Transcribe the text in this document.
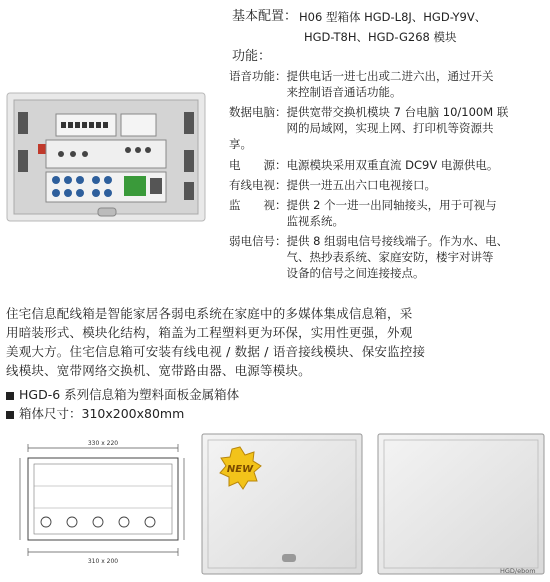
基本配置： H06 型箱体 HGD-L8J、HGD-Y9V、
HGD-T8H、HGD-G268 模块
功能：
语音功能： 提供电话一进七出或二进六出，通过开关
来控制语音通话功能。
数据电脑： 提供宽带交换机模块 7 台电脑 10/100M 联
网的局域网，实现上网、打印机等资源共
享。
电　　源： 电源模块采用双重直流 DC9V 电源供电。
有线电视： 提供一进五出六口电视接口。
监　　视： 提供 2 个一进一出同轴接头，用于可视与
监视系统。
弱电信号： 提供 8 组弱电信号接线端子。作为水、电、
气、热抄表系统、家庭安防，楼宇对讲等
设备的信号之间连接接点。

住宅信息配线箱是智能家居各弱电系统在家庭中的多媒体集成信息箱，采

用暗装形式、模块化结构，箱盖为工程塑料更为环保，实用性更强，外观

美观大方。住宅信息箱可安装有线电视 / 数据 / 语音接线模块、保安监控接

线模块、宽带网络交换机、宽带路由器、电源等模块。

HGD-6 系列信息箱为塑料面板金属箱体
箱体尺寸：310x200x80mm
330 x 220
310 x 200
NEW
HGD/ebom
